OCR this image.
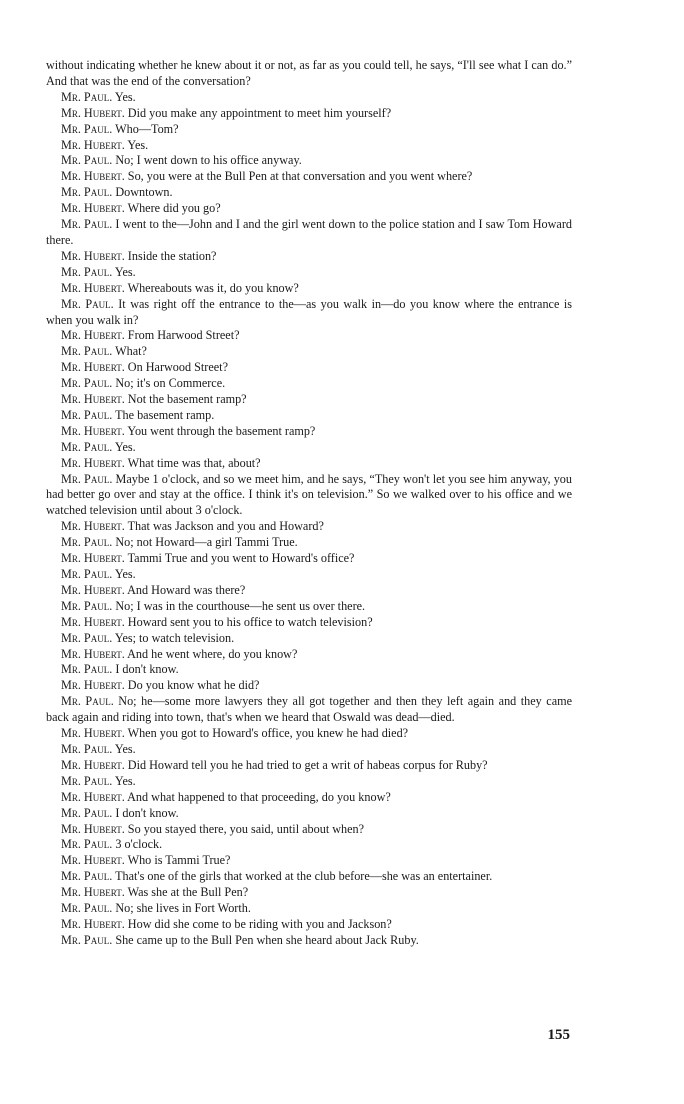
without indicating whether he knew about it or not, as far as you could tell, he says, “I'll see what I can do.” And that was the end of the conversation?

Mr. Paul. Yes.

Mr. Hubert. Did you make any appointment to meet him yourself?

Mr. Paul. Who—Tom?

Mr. Hubert. Yes.

Mr. Paul. No; I went down to his office anyway.

Mr. Hubert. So, you were at the Bull Pen at that conversation and you went where?

Mr. Paul. Downtown.

Mr. Hubert. Where did you go?

Mr. Paul. I went to the—John and I and the girl went down to the police station and I saw Tom Howard there.

Mr. Hubert. Inside the station?

Mr. Paul. Yes.

Mr. Hubert. Whereabouts was it, do you know?

Mr. Paul. It was right off the entrance to the—as you walk in—do you know where the entrance is when you walk in?

Mr. Hubert. From Harwood Street?

Mr. Paul. What?

Mr. Hubert. On Harwood Street?

Mr. Paul. No; it's on Commerce.

Mr. Hubert. Not the basement ramp?

Mr. Paul. The basement ramp.

Mr. Hubert. You went through the basement ramp?

Mr. Paul. Yes.

Mr. Hubert. What time was that, about?

Mr. Paul. Maybe 1 o'clock, and so we meet him, and he says, “They won't let you see him anyway, you had better go over and stay at the office. I think it's on television.” So we walked over to his office and we watched television until about 3 o'clock.

Mr. Hubert. That was Jackson and you and Howard?

Mr. Paul. No; not Howard—a girl Tammi True.

Mr. Hubert. Tammi True and you went to Howard's office?

Mr. Paul. Yes.

Mr. Hubert. And Howard was there?

Mr. Paul. No; I was in the courthouse—he sent us over there.

Mr. Hubert. Howard sent you to his office to watch television?

Mr. Paul. Yes; to watch television.

Mr. Hubert. And he went where, do you know?

Mr. Paul. I don't know.

Mr. Hubert. Do you know what he did?

Mr. Paul. No; he—some more lawyers they all got together and then they left again and they came back again and riding into town, that's when we heard that Oswald was dead—died.

Mr. Hubert. When you got to Howard's office, you knew he had died?

Mr. Paul. Yes.

Mr. Hubert. Did Howard tell you he had tried to get a writ of habeas corpus for Ruby?

Mr. Paul. Yes.

Mr. Hubert. And what happened to that proceeding, do you know?

Mr. Paul. I don't know.

Mr. Hubert. So you stayed there, you said, until about when?

Mr. Paul. 3 o'clock.

Mr. Hubert. Who is Tammi True?

Mr. Paul. That's one of the girls that worked at the club before—she was an entertainer.

Mr. Hubert. Was she at the Bull Pen?

Mr. Paul. No; she lives in Fort Worth.

Mr. Hubert. How did she come to be riding with you and Jackson?

Mr. Paul. She came up to the Bull Pen when she heard about Jack Ruby.

155
